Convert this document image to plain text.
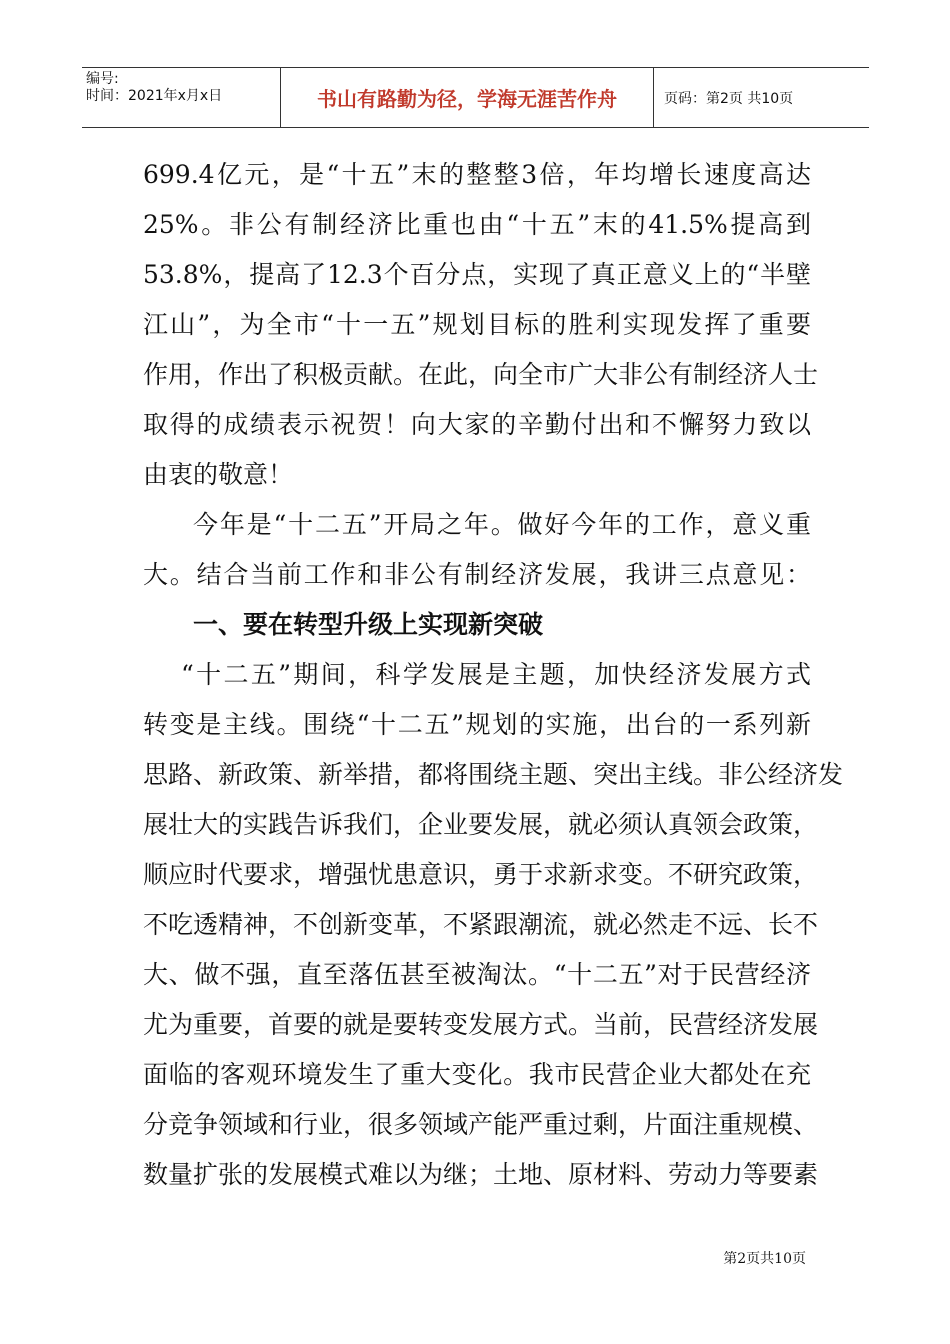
编号:
时间：2021年x月x日	书山有路勤为径，学海无涯苦作舟	页码：第2页 共10页
699.4亿元，是“十五”末的整整3倍，年均增长速度高达
25%。非公有制经济比重也由“十五”末的41.5%提高到
53.8%，提高了12.3个百分点，实现了真正意义上的“半壁
江山”，为全市“十一五”规划目标的胜利实现发挥了重要
作用，作出了积极贡献。在此，向全市广大非公有制经济人士
取得的成绩表示祝贺！向大家的辛勤付出和不懈努力致以
由衷的敬意！
今年是“十二五”开局之年。做好今年的工作，意义重
大。结合当前工作和非公有制经济发展，我讲三点意见：
一、要在转型升级上实现新突破
“十二五”期间，科学发展是主题，加快经济发展方式
转变是主线。围绕“十二五”规划的实施，出台的一系列新
思路、新政策、新举措，都将围绕主题、突出主线。非公经济发
展壮大的实践告诉我们，企业要发展，就必须认真领会政策，
顺应时代要求，增强忧患意识，勇于求新求变。不研究政策，
不吃透精神，不创新变革，不紧跟潮流，就必然走不远、长不
大、做不强，直至落伍甚至被淘汰。“十二五”对于民营经济
尤为重要，首要的就是要转变发展方式。当前，民营经济发展
面临的客观环境发生了重大变化。我市民营企业大都处在充
分竞争领域和行业，很多领域产能严重过剩，片面注重规模、
数量扩张的发展模式难以为继；土地、原材料、劳动力等要素
第2页共10页
